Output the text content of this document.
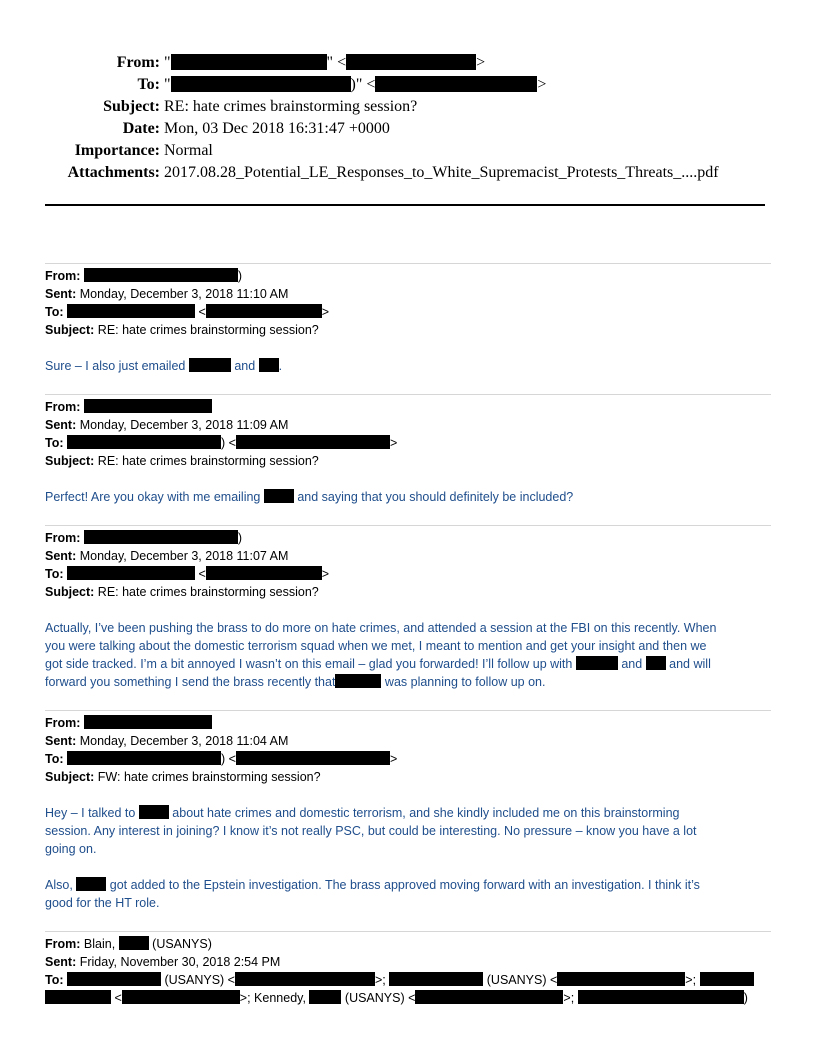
From: "	" <	>
To: "	)" <	>
Subject: RE: hate crimes brainstorming session?
Date: Mon, 03 Dec 2018 16:31:47 +0000
Importance: Normal
Attachments: 2017.08.28_Potential_LE_Responses_to_White_Supremacist_Protests_Threats_....pdf
From:	)
Sent: Monday, December 3, 2018 11:10 AM
To:	<	>
Subject: RE: hate crimes brainstorming session?
Sure – I also just emailed	and .
From:
Sent: Monday, December 3, 2018 11:09 AM
To:	) <	>
Subject: RE: hate crimes brainstorming session?
Perfect! Are you okay with me emailing	and saying that you should definitely be included?
From:	)
Sent: Monday, December 3, 2018 11:07 AM
To:	<	>
Subject: RE: hate crimes brainstorming session?
Actually, I’ve been pushing the brass to do more on hate crimes, and attended a session at the FBI on this recently. When
you were talking about the domestic terrorism squad when we met, I meant to mention and get your insight and then we
got side tracked. I’m a bit annoyed I wasn’t on this email – glad you forwarded! I’ll follow up with	and and will
forward you something I send the brass recently that	was planning to follow up on.
From:
Sent: Monday, December 3, 2018 11:04 AM
To:	) <	>
Subject: FW: hate crimes brainstorming session?
Hey – I talked to	about hate crimes and domestic terrorism, and she kindly included me on this brainstorming
session. Any interest in joining? I know it’s not really PSC, but could be interesting. No pressure – know you have a lot
going on.
Also,	got added to the Epstein investigation. The brass approved moving forward with an investigation. I think it’s
good for the HT role.
From: Blain,	(USANYS)
Sent: Friday, November 30, 2018 2:54 PM
To:	(USANYS) <	>;	(USANYS) <	>;
<	>; Kennedy,	(USANYS) <	>;	)
